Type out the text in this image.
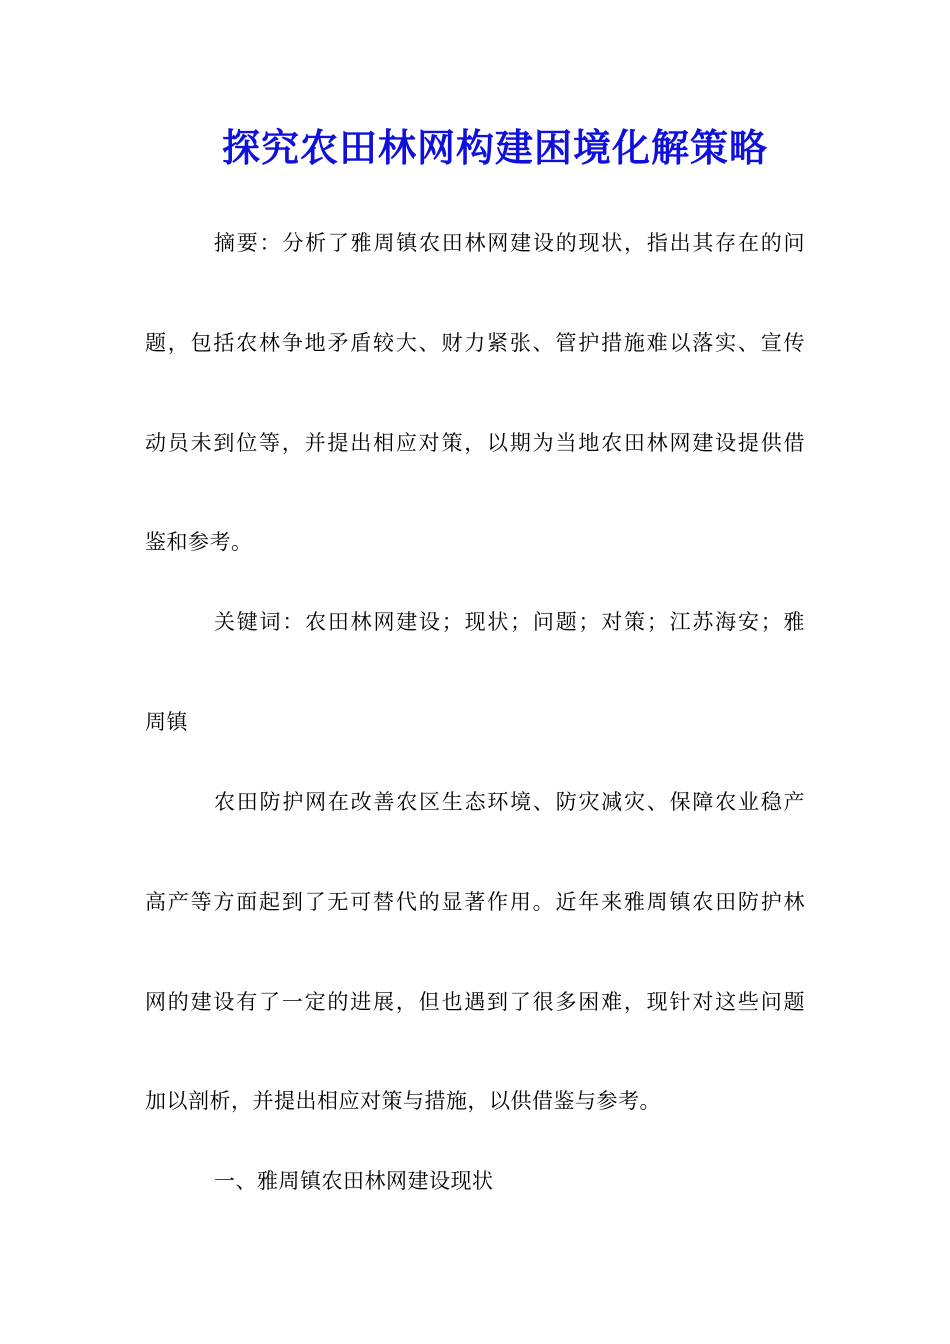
探究农田林网构建困境化解策略
摘要：分析了雅周镇农田林网建设的现状，指出其存在的问
题，包括农林争地矛盾较大、财力紧张、管护措施难以落实、宣传
动员未到位等，并提出相应对策，以期为当地农田林网建设提供借
鉴和参考。
关键词：农田林网建设；现状；问题；对策；江苏海安；雅
周镇
农田防护网在改善农区生态环境、防灾减灾、保障农业稳产
高产等方面起到了无可替代的显著作用。近年来雅周镇农田防护林
网的建设有了一定的进展，但也遇到了很多困难，现针对这些问题
加以剖析，并提出相应对策与措施，以供借鉴与参考。
一、雅周镇农田林网建设现状
